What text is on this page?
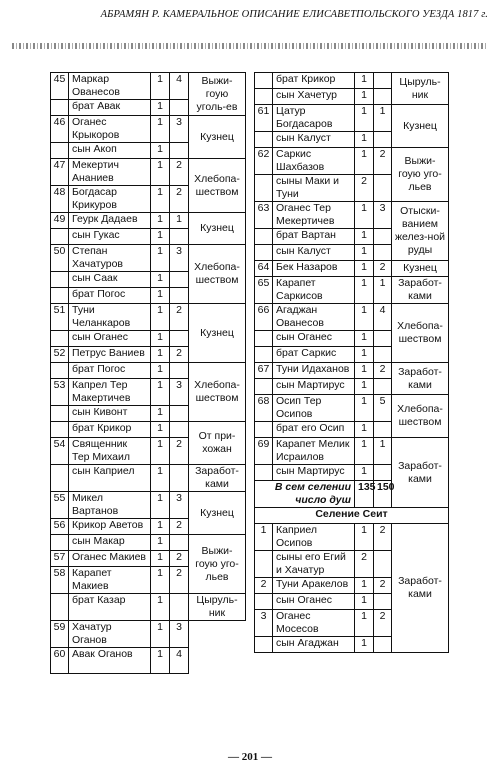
АБРАМЯН Р. КАМЕРАЛЬНОЕ ОПИСАНИЕ ЕЛИСАВЕТПОЛЬСКОГО УЕЗДА 1817 г.
45	Маркар Ованесов	1	4	Выжи-гоую уголь-ев
	брат Авак	1		
46	Оганес Крыкоров	1	3	Кузнец
	сын Акоп	1		
47	Мекертич Ананиев	1	2	Хлебопа-шеством
48	Богдасар Крикуров	1	2	
49	Геурк Дадаев	1	1	Кузнец
	сын Гукас	1		
50	Степан Хачатуров	1	3	Хлебопа-шеством
	сын Саак	1		
	брат Погос	1		
51	Туни Челанкаров	1	2	Кузнец
	сын Оганес	1		
52	Петрус Ваниев	1	2	
	брат Погос	1		Хлебопа-шеством
53	Капрел Тер Макертичев	1	3	
	сын Кивонт	1		
	брат Крикор	1		От при-хожан
54	Священник Тер Михаил	1	2	
	сын Каприел	1		Заработ-ками
55	Микел Вартанов	1	3	Кузнец
56	Крикор Аветов	1	2	
	сын Макар	1		Выжи-гоую уго-льев
57	Оганес Макиев	1	2	
58	Карапет Макиев	1	2	
	брат Казар	1		Цыруль-ник
59	Хачатур Оганов	1	3	
60	Авак Оганов	1	4	
	брат Крикор	1		Цыруль-ник	
	сын Хачетур	1			
61	Цатур Богдасаров	1	1	Кузнец	
	сын Калуст	1			
62	Саркис Шахбазов	1	2	Выжи-гоую уго-льев	
	сыны Маки и Туни	2			
63	Оганес Тер Мекертичев	1	3	Отыски-ванием желез-ной руды	
	брат Вартан	1			
	сын Калуст	1			
64	Бек Назаров	1	2	Кузнец	
65	Карапет Саркисов	1	1	Заработ-ками	
66	Агаджан Ованесов	1	4	Хлебопа-шеством	
	сын Оганес	1			
	брат Саркис	1			
67	Туни Идаханов	1	2	Заработ-ками	
	сын Мартирус	1			
68	Осип Тер Осипов	1	5	Хлебопа-шеством	
	брат его Осип	1			
69	Карапет Мелик Исраилов	1	1	Заработ-ками	
	сын Мартирус	1			
В сем селении число душ		135	150		
Селение Сеит					
1	Каприел Осипов	1	2	Заработ-ками	
	сыны его Егий и Хачатур	2			
2	Туни Аракелов	1	2		
	сын Оганес	1			
3	Оганес Мосесов	1	2		
	сын Агаджан	1			
— 201 —
